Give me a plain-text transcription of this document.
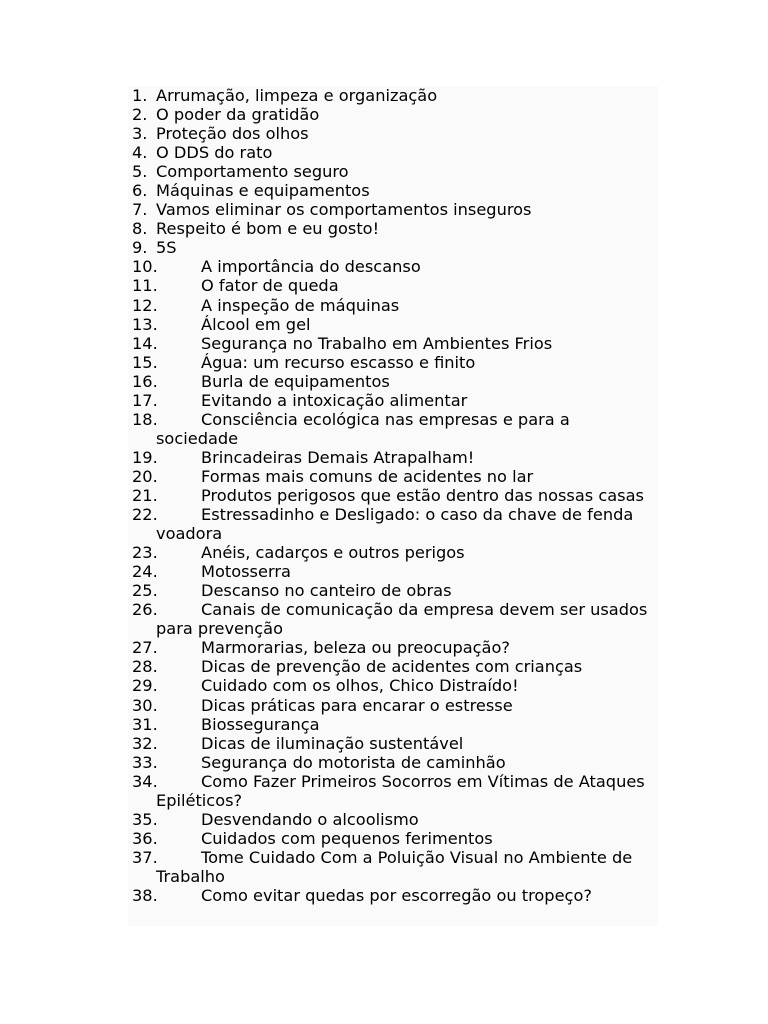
1. Arrumação, limpeza e organização
2. O poder da gratidão
3. Proteção dos olhos
4. O DDS do rato
5. Comportamento seguro
6. Máquinas e equipamentos
7. Vamos eliminar os comportamentos inseguros
8. Respeito é bom e eu gosto!
9. 5S
10.	A importância do descanso
11.	O fator de queda
12.	A inspeção de máquinas
13.	Álcool em gel
14.	Segurança no Trabalho em Ambientes Frios
15.	Água: um recurso escasso e finito
16.	Burla de equipamentos
17.	Evitando a intoxicação alimentar
18.	Consciência ecológica nas empresas e para a sociedade
19.	Brincadeiras Demais Atrapalham!
20.	Formas mais comuns de acidentes no lar
21.	Produtos perigosos que estão dentro das nossas casas
22.	Estressadinho e Desligado: o caso da chave de fenda voadora
23.	Anéis, cadarços e outros perigos
24.	Motosserra
25.	Descanso no canteiro de obras
26.	Canais de comunicação da empresa devem ser usados para prevenção
27.	Marmorarias, beleza ou preocupação?
28.	Dicas de prevenção de acidentes com crianças
29.	Cuidado com os olhos, Chico Distraído!
30.	Dicas práticas para encarar o estresse
31.	Biossegurança
32.	Dicas de iluminação sustentável
33.	Segurança do motorista de caminhão
34.	Como Fazer Primeiros Socorros em Vítimas de Ataques Epiléticos?
35.	Desvendando o alcoolismo
36.	Cuidados com pequenos ferimentos
37.	Tome Cuidado Com a Poluição Visual no Ambiente de Trabalho
38.	Como evitar quedas por escorregão ou tropeço?
